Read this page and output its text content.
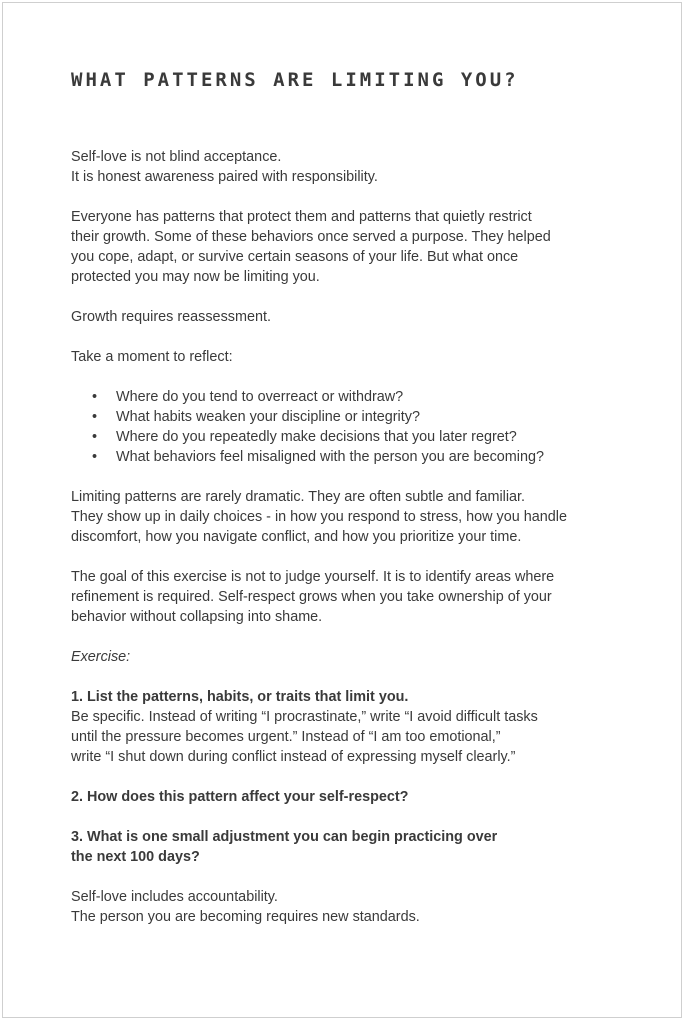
WHAT PATTERNS ARE LIMITING YOU?

Self-love is not blind acceptance.
It is honest awareness paired with responsibility.

Everyone has patterns that protect them and patterns that quietly restrict
their growth. Some of these behaviors once served a purpose. They helped
you cope, adapt, or survive certain seasons of your life. But what once
protected you may now be limiting you.

Growth requires reassessment.

Take a moment to reflect:

• Where do you tend to overreact or withdraw?
• What habits weaken your discipline or integrity?
• Where do you repeatedly make decisions that you later regret?
• What behaviors feel misaligned with the person you are becoming?

Limiting patterns are rarely dramatic. They are often subtle and familiar.
They show up in daily choices - in how you respond to stress, how you handle
discomfort, how you navigate conflict, and how you prioritize your time.

The goal of this exercise is not to judge yourself. It is to identify areas where
refinement is required. Self-respect grows when you take ownership of your
behavior without collapsing into shame.

Exercise:

1. List the patterns, habits, or traits that limit you.
Be specific. Instead of writing “I procrastinate,” write “I avoid difficult tasks
until the pressure becomes urgent.” Instead of “I am too emotional,”
write “I shut down during conflict instead of expressing myself clearly.”

2. How does this pattern affect your self-respect?

3. What is one small adjustment you can begin practicing over
the next 100 days?

Self-love includes accountability.
The person you are becoming requires new standards.
